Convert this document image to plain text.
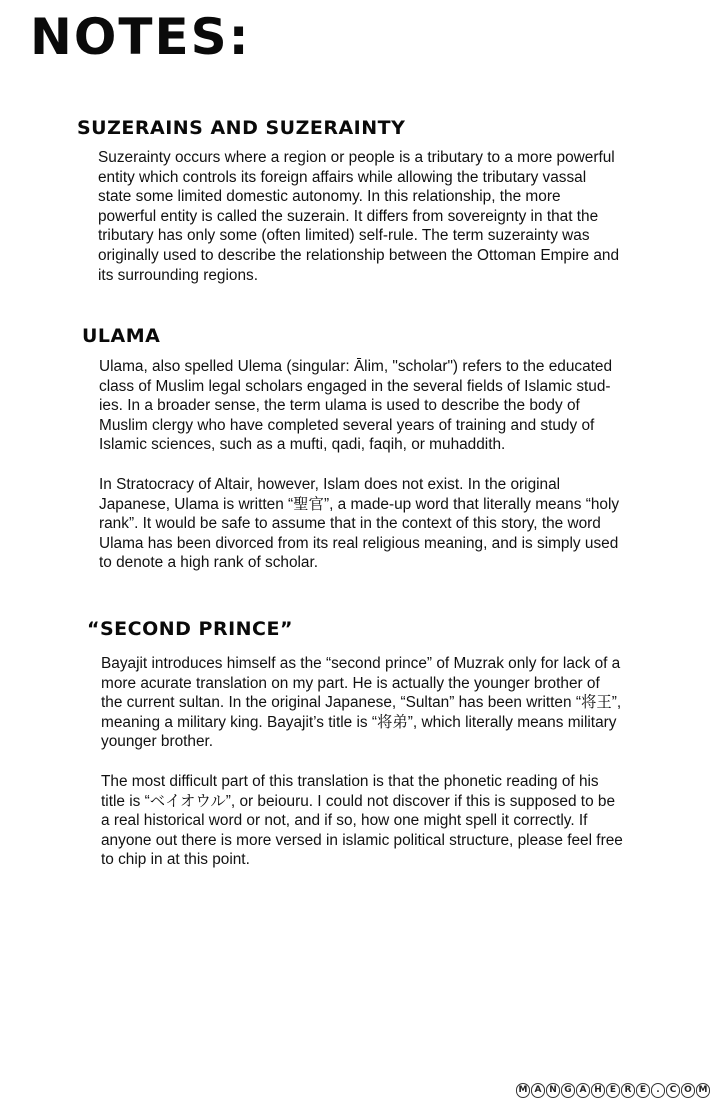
NOTES:
SUZERAINS AND SUZERAINTY

Suzerainty occurs where a region or people is a tributary to a more powerful
entity which controls its foreign affairs while allowing the tributary vassal
state some limited domestic autonomy. In this relationship, the more
powerful entity is called the suzerain. It differs from sovereignty in that the
tributary has only some (often limited) self-rule. The term suzerainty was
originally used to describe the relationship between the Ottoman Empire and
its surrounding regions.

ULAMA

Ulama, also spelled Ulema (singular: Ālim, "scholar") refers to the educated
class of Muslim legal scholars engaged in the several fields of Islamic stud-
ies. In a broader sense, the term ulama is used to describe the body of
Muslim clergy who have completed several years of training and study of
Islamic sciences, such as a mufti, qadi, faqih, or muhaddith.

In Stratocracy of Altair, however, Islam does not exist. In the original
Japanese, Ulama is written “聖官”, a made-up word that literally means “holy
rank”. It would be safe to assume that in the context of this story, the word
Ulama has been divorced from its real religious meaning, and is simply used
to denote a high rank of scholar.

“SECOND PRINCE”

Bayajit introduces himself as the “second prince” of Muzrak only for lack of a
more acurate translation on my part. He is actually the younger brother of
the current sultan. In the original Japanese, “Sultan” has been written “将王”,
meaning a military king. Bayajit’s title is “将弟”, which literally means military
younger brother.

The most difficult part of this translation is that the phonetic reading of his
title is “ベイオウル”, or beiouru. I could not discover if this is supposed to be
a real historical word or not, and if so, how one might spell it correctly. If
anyone out there is more versed in islamic political structure, please feel free
to chip in at this point.

M A N G A H E R E	.	C O M
